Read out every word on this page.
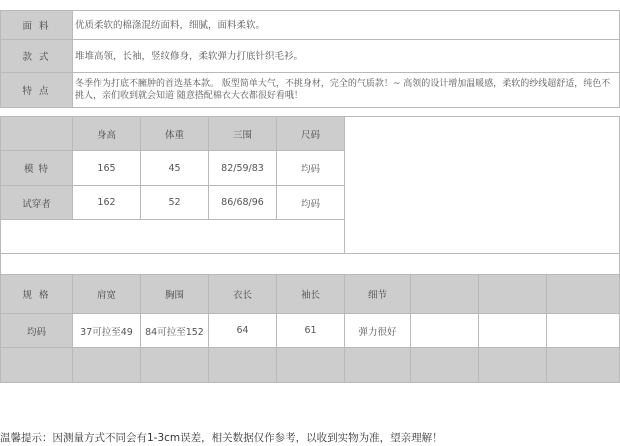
面 料	优质柔软的棉涤混纺面料，细腻，面料柔软。
款 式	堆堆高领，长袖，竖纹修身，柔软弹力打底针织毛衫。
特 点	冬季作为打底不臃肿的首选基本款。 版型简单大气，不挑身材，完全的气质款！~ 高领的设计增加温暖感，柔软的纱线超舒适，纯色不挑人，亲们收到就会知道 随意搭配棉衣大衣都很好看哦！
	身高	体重	三围	尺码	
模 特	165	45	82/59/83	均码	
试穿者	162	52	86/68/96	均码	

规 格	肩宽	胸围	衣长	袖长	细节			
均码	37可拉至49	84可拉至152	64	61	弹力很好			

温馨提示：因测量方式不同会有1-3cm误差，相关数据仅作参考，以收到实物为准，望亲理解！
